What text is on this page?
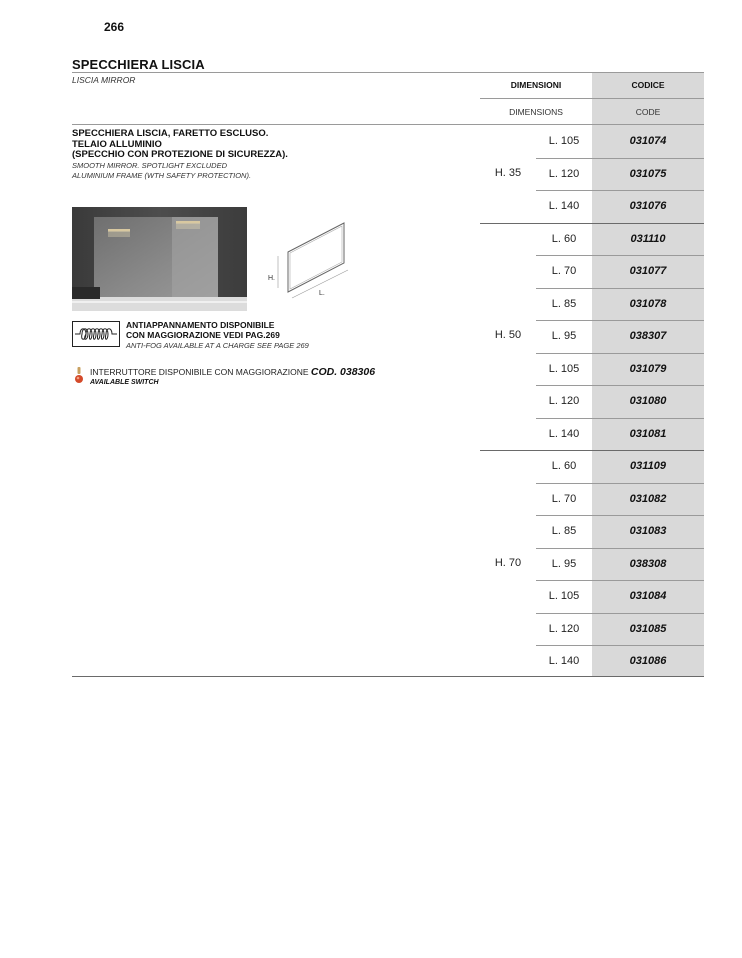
266
SPECCHIERA LISCIA
LISCIA MIRROR	DIMENSIONI
DIMENSIONS
CODICE
CODE
SPECCHIERA LISCIA, FARETTO ESCLUSO.
TELAIO ALLUMINIO
(SPECCHIO CON PROTEZIONE DI SICUREZZA).
SMOOTH MIRROR. SPOTLIGHT EXCLUDED
ALUMINIUM FRAME (WTH SAFETY PROTECTION).
H.
L.
ANTIAPPANNAMENTO DISPONIBILE
CON MAGGIORAZIONE VEDI PAG.269
ANTI-FOG AVAILABLE AT A CHARGE SEE PAGE 269
INTERRUTTORE DISPONIBILE CON MAGGIORAZIONE COD. 038306
AVAILABLE SWITCH
L. 105	031074
L. 120	031075
L. 140	031076
H. 35
L. 60	031110
L. 70	031077
L. 85	031078
L. 95	038307
L. 105	031079
L. 120	031080
L. 140	031081
H. 50
L. 60	031109
L. 70	031082
L. 85	031083
L. 95	038308
L. 105	031084
L. 120	031085
L. 140	031086
H. 70
